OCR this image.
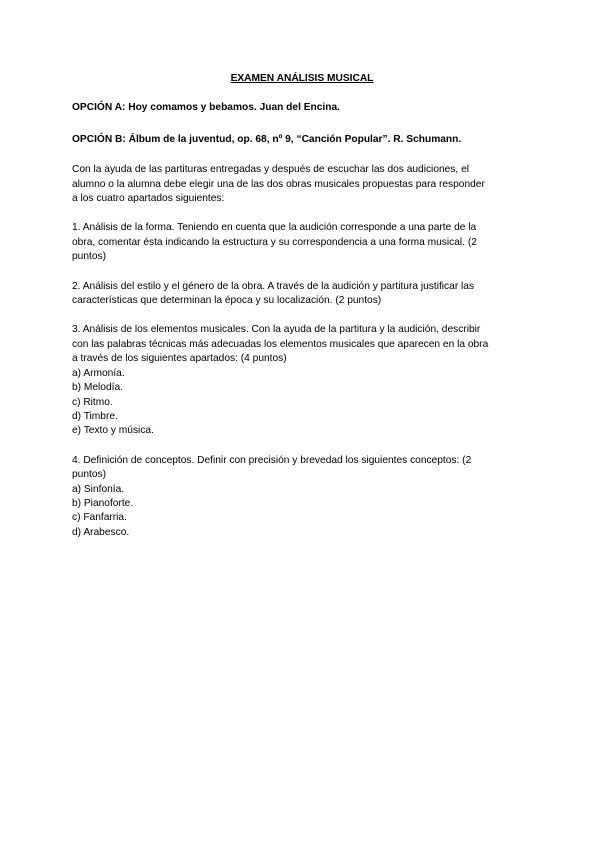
EXAMEN ANÁLISIS MUSICAL
OPCIÓN A: Hoy comamos y bebamos. Juan del Encina.
OPCIÓN B: Álbum de la juventud, op. 68, nº 9, “Canción Popular”. R. Schumann.
Con la ayuda de las partituras entregadas y después de escuchar las dos audiciones, el
alumno o la alumna debe elegir una de las dos obras musicales propuestas para responder
a los cuatro apartados siguientes:
1. Análisis de la forma. Teniendo en cuenta que la audición corresponde a una parte de la
obra, comentar ésta indicando la estructura y su correspondencia a una forma musical. (2
puntos)
2. Análisis del estilo y el género de la obra. A través de la audición y partitura justificar las
características que determinan la época y su localización. (2 puntos)
3. Análisis de los elementos musicales. Con la ayuda de la partitura y la audición, describir
con las palabras técnicas más adecuadas los elementos musicales que aparecen en la obra
a través de los siguientes apartados: (4 puntos)
a) Armonía.
b) Melodía.
c) Ritmo.
d) Timbre.
e) Texto y música.
4. Definición de conceptos. Definir con precisión y brevedad los siguientes conceptos: (2
puntos)
a) Sinfonía.
b) Pianoforte.
c) Fanfarria.
d) Arabesco.
